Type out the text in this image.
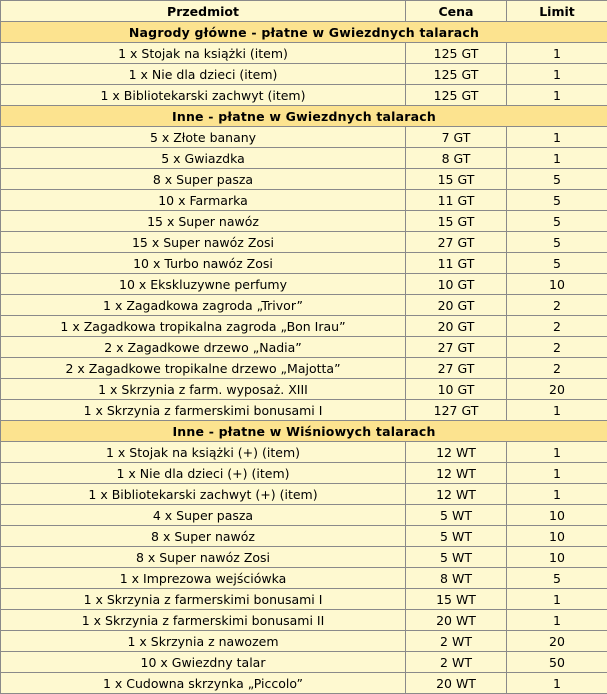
Przedmiot	Cena	Limit
Nagrody główne - płatne w Gwiezdnych talarach		
1 x Stojak na książki (item)	125 GT	1
1 x Nie dla dzieci (item)	125 GT	1
1 x Bibliotekarski zachwyt (item)	125 GT	1
Inne - płatne w Gwiezdnych talarach		
5 x Złote banany	7 GT	1
5 x Gwiazdka	8 GT	1
8 x Super pasza	15 GT	5
10 x Farmarka	11 GT	5
15 x Super nawóz	15 GT	5
15 x Super nawóz Zosi	27 GT	5
10 x Turbo nawóz Zosi	11 GT	5
10 x Ekskluzywne perfumy	10 GT	10
1 x Zagadkowa zagroda „Trivor”	20 GT	2
1 x Zagadkowa tropikalna zagroda „Bon Irau”	20 GT	2
2 x Zagadkowe drzewo „Nadia”	27 GT	2
2 x Zagadkowe tropikalne drzewo „Majotta”	27 GT	2
1 x Skrzynia z farm. wyposaż. XIII	10 GT	20
1 x Skrzynia z farmerskimi bonusami I	127 GT	1
Inne - płatne w Wiśniowych talarach		
1 x Stojak na książki (+) (item)	12 WT	1
1 x Nie dla dzieci (+) (item)	12 WT	1
1 x Bibliotekarski zachwyt (+) (item)	12 WT	1
4 x Super pasza	5 WT	10
8 x Super nawóz	5 WT	10
8 x Super nawóz Zosi	5 WT	10
1 x Imprezowa wejściówka	8 WT	5
1 x Skrzynia z farmerskimi bonusami I	15 WT	1
1 x Skrzynia z farmerskimi bonusami II	20 WT	1
1 x Skrzynia z nawozem	2 WT	20
10 x Gwiezdny talar	2 WT	50
1 x Cudowna skrzynka „Piccolo”	20 WT	1
